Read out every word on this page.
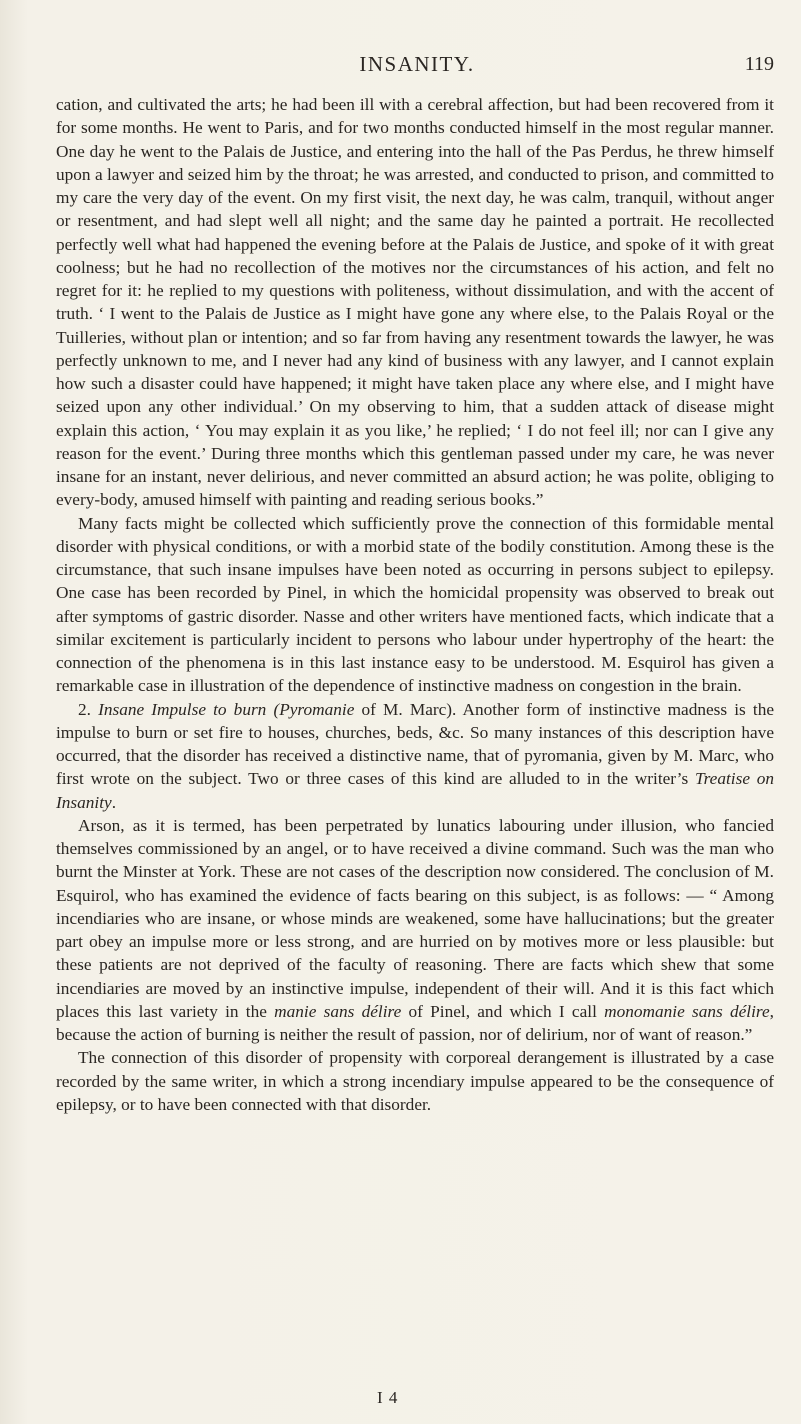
INSANITY.	119

cation, and cultivated the arts; he had been ill with a cerebral affection, but had been recovered from it for some months. He went to Paris, and for two months conducted himself in the most regular manner. One day he went to the Palais de Justice, and entering into the hall of the Pas Perdus, he threw himself upon a lawyer and seized him by the throat; he was arrested, and conducted to prison, and committed to my care the very day of the event. On my first visit, the next day, he was calm, tranquil, without anger or resentment, and had slept well all night; and the same day he painted a portrait. He recollected perfectly well what had happened the evening before at the Palais de Justice, and spoke of it with great coolness; but he had no recollection of the motives nor the circumstances of his action, and felt no regret for it: he replied to my questions with politeness, without dissimulation, and with the accent of truth. ‘ I went to the Palais de Justice as I might have gone any where else, to the Palais Royal or the Tuilleries, without plan or intention; and so far from having any resentment towards the lawyer, he was perfectly unknown to me, and I never had any kind of business with any lawyer, and I cannot explain how such a disaster could have happened; it might have taken place any where else, and I might have seized upon any other individual.’ On my observing to him, that a sudden attack of disease might explain this action, ‘ You may explain it as you like,’ he replied; ‘ I do not feel ill; nor can I give any reason for the event.’ During three months which this gentleman passed under my care, he was never insane for an instant, never delirious, and never committed an absurd action; he was polite, obliging to every-body, amused himself with painting and reading serious books.”

Many facts might be collected which sufficiently prove the connection of this formidable mental disorder with physical conditions, or with a morbid state of the bodily constitution. Among these is the circumstance, that such insane impulses have been noted as occurring in persons subject to epilepsy. One case has been recorded by Pinel, in which the homicidal propensity was observed to break out after symptoms of gastric disorder. Nasse and other writers have mentioned facts, which indicate that a similar excitement is particularly incident to persons who labour under hypertrophy of the heart: the connection of the phenomena is in this last instance easy to be understood. M. Esquirol has given a remarkable case in illustration of the dependence of instinctive madness on congestion in the brain.

2. Insane Impulse to burn (Pyromanie of M. Marc). Another form of instinctive madness is the impulse to burn or set fire to houses, churches, beds, &c. So many instances of this description have occurred, that the disorder has received a distinctive name, that of pyromania, given by M. Marc, who first wrote on the subject. Two or three cases of this kind are alluded to in the writer’s Treatise on Insanity.

Arson, as it is termed, has been perpetrated by lunatics labouring under illusion, who fancied themselves commissioned by an angel, or to have received a divine command. Such was the man who burnt the Minster at York. These are not cases of the description now considered. The conclusion of M. Esquirol, who has examined the evidence of facts bearing on this subject, is as follows: — “ Among incendiaries who are insane, or whose minds are weakened, some have hallucinations; but the greater part obey an impulse more or less strong, and are hurried on by motives more or less plausible: but these patients are not deprived of the faculty of reasoning. There are facts which shew that some incendiaries are moved by an instinctive impulse, independent of their will. And it is this fact which places this last variety in the manie sans délire of Pinel, and which I call monomanie sans délire, because the action of burning is neither the result of passion, nor of delirium, nor of want of reason.”

The connection of this disorder of propensity with corporeal derangement is illustrated by a case recorded by the same writer, in which a strong incendiary impulse appeared to be the consequence of epilepsy, or to have been connected with that disorder.

I 4
